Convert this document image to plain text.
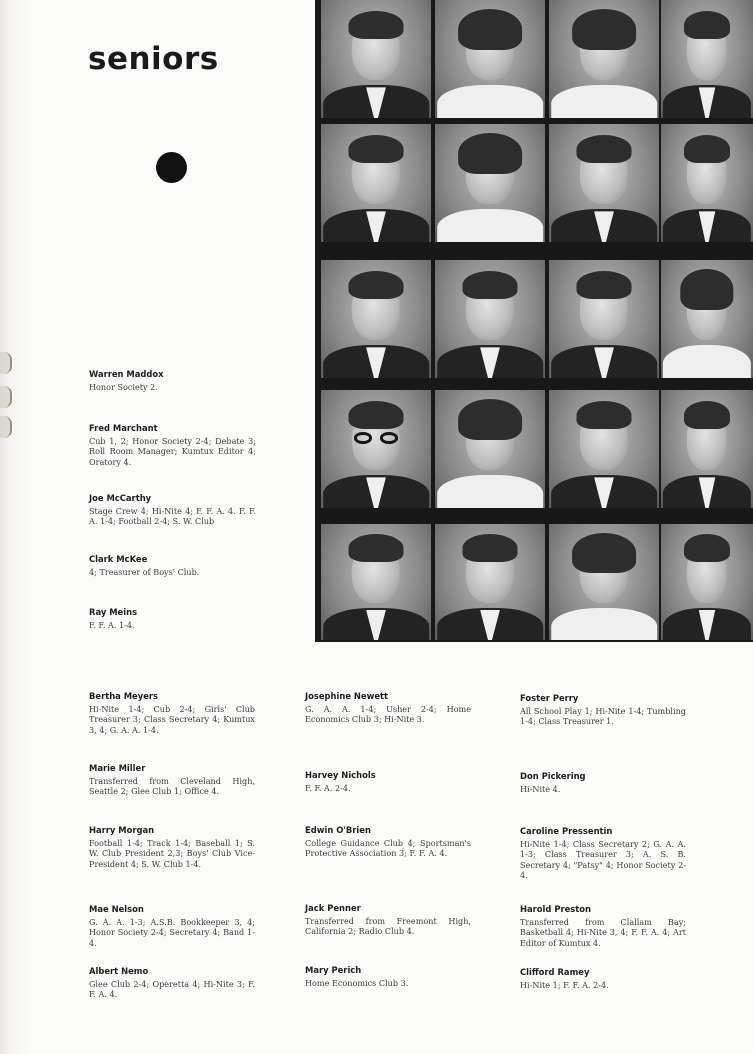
seniors
Warren Maddox
Honor Society 2.
Fred Marchant
Cub 1, 2; Honor Society 2-4; Debate 3; Roll Room Manager; Kumtux Editor 4; Oratory 4.
Joe McCarthy
Stage Crew 4; Hi-Nite 4; F. F. A. 4. F. F. A. 1-4; Football 2-4; S. W. Club
Clark McKee
4; Treasurer of Boys' Club.
Ray Meins
F. F. A. 1-4.
Bertha Meyers
Hi-Nite 1-4; Cub 2-4; Girls' Club Treasurer 3; Class Secretary 4; Kumtux 3, 4; G. A. A. 1-4.
Marie Miller
Transferred from Cleveland High, Seattle 2; Glee Club 1; Office 4.
Harry Morgan
Football 1-4; Track 1-4; Baseball 1; S. W. Club President 2,3; Boys' Club Vice-President 4; S. W. Club 1-4.
Mae Nelson
G. A. A. 1-3; A.S.B. Bookkeeper 3, 4; Honor Society 2-4; Secretary 4; Band 1-4.
Albert Nemo
Glee Club 2-4; Operetta 4; Hi-Nite 3; F. F. A. 4.
Josephine Newett
G. A. A. 1-4; Usher 2-4; Home Economics Club 3; Hi-Nite 3.
Harvey Nichols
F. F. A. 2-4.
Edwin O'Brien
College Guidance Club 4; Sportsman's Protective Association 3; F. F. A. 4.
Jack Penner
Transferred from Freemont High, California 2; Radio Club 4.
Mary Perich
Home Economics Club 3.
Foster Perry
All School Play 1; Hi-Nite 1-4; Tumbling 1-4; Class Treasurer 1.
Don Pickering
Hi-Nite 4.
Caroline Pressentin
Hi-Nite 1-4; Class Secretary 2; G. A. A. 1-3; Class Treasurer 3; A. S. B. Secretary 4; "Patsy" 4; Honor Society 2-4.
Harold Preston
Transferred from Clallam Bay; Basketball 4; Hi-Nite 3, 4; F. F. A. 4; Art Editor of Kumtux 4.
Clifford Ramey
Hi-Nite 1; F. F. A. 2-4.
